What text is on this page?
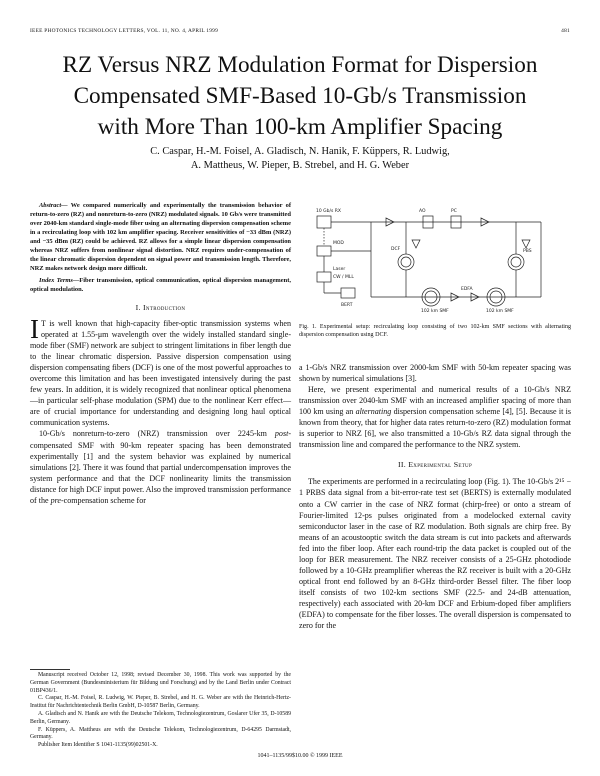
IEEE PHOTONICS TECHNOLOGY LETTERS, VOL. 11, NO. 4, APRIL 1999	481
RZ Versus NRZ Modulation Format for Dispersion
Compensated SMF-Based 10-Gb/s Transmission
with More Than 100-km Amplifier Spacing
C. Caspar, H.-M. Foisel, A. Gladisch, N. Hanik, F. Küppers, R. Ludwig,
A. Mattheus, W. Pieper, B. Strebel, and H. G. Weber

Abstract— We compared numerically and experimentally the transmission behavior of return-to-zero (RZ) and nonreturn-to-zero (NRZ) modulated signals. 10 Gb/s were transmitted over 2040-km standard single-mode fiber using an alternating dispersion compensation scheme in a recirculating loop with 102 km amplifier spacing. Receiver sensitivities of −33 dBm (NRZ) and −35 dBm (RZ) could be achieved. RZ allows for a simple linear dispersion compensation whereas NRZ suffers from nonlinear signal distortion. NRZ requires under-compensation of the linear chromatic dispersion dependent on signal power and transmission length. Therefore, NRZ makes network design more difficult.

Index Terms—Fiber transmission, optical communication, optical dispersion management, optical modulation.

I. Introduction

I T is well known that high-capacity fiber-optic transmission systems when operated at 1.55-μm wavelength over the widely installed standard single-mode fiber (SMF) network are subject to stringent limitations in fiber length due to the linear chromatic dispersion. Passive dispersion compensation using dispersion compensating fibers (DCF) is one of the most powerful approaches to overcome this limitation and has been investigated intensively during the past few years. In addition, it is widely recognized that nonlinear optical phenomena—in particular self-phase modulation (SPM) due to the nonlinear Kerr effect—are of crucial importance for understanding and designing long haul optical communication systems.

10-Gb/s nonreturn-to-zero (NRZ) transmission over 2245-km post-compensated SMF with 90-km repeater spacing has been demonstrated experimentally [1] and the system behavior was explained by numerical simulations [2]. There it was found that partial undercompensation improves the system performance and that the DCF nonlinearity limits the transmission distance for high DCF input power. Also the improved transmission performance of the pre-compensation scheme for

Manuscript received October 12, 1998; revised December 30, 1998. This work was supported by the German Government (Bundesministerium für Bildung und Forschung) and by the Land Berlin under Contract 01BP436/1.

C. Caspar, H.-M. Foisel, R. Ludwig, W. Pieper, B. Strebel, and H. G. Weber are with the Heinrich-Hertz-Institut für Nachrichtentechnik Berlin GmbH, D-10587 Berlin, Germany.

A. Gladisch and N. Hanik are with the Deutsche Telekom, Technologiezentrum, Goslarer Ufer 35, D-10589 Berlin, Germany.

F. Küppers, A. Mattheus are with the Deutsche Telekom, Technologiezentrum, D-64295 Darmstadt, Germany.

Publisher Item Identifier S 1041-1135(99)02501-X.

10 Gb/s RX	AO	PC
MOD
Laser
CW / MLL
BERT
DCF
102 km SMF	102 km SMF
EDFA
PBS
Fig. 1. Experimental setup: recirculating loop consisting of two 102-km SMF sections with alternating dispersion compensation using DCF.

a 1-Gb/s NRZ transmission over 2000-km SMF with 50-km repeater spacing was shown by numerical simulations [3].

Here, we present experimental and numerical results of a 10-Gb/s NRZ transmission over 2040-km SMF with an increased amplifier spacing of more than 100 km using an alternating dispersion compensation scheme [4], [5]. Because it is known from theory, that for higher data rates return-to-zero (RZ) modulation format is superior to NRZ [6], we also transmitted a 10-Gb/s RZ data signal through the transmission line and compared the performance to the NRZ system.

II. Experimental Setup

The experiments are performed in a recirculating loop (Fig. 1). The 10-Gb/s 2¹⁵ − 1 PRBS data signal from a bit-error-rate test set (BERTS) is externally modulated onto a CW carrier in the case of NRZ format (chirp-free) or onto a stream of Fourier-limited 12-ps pulses originated from a modelocked external cavity semiconductor laser in the case of RZ modulation. Both signals are chirp free. By means of an acoustooptic switch the data stream is cut into packets and afterwards fed into the fiber loop. After each round-trip the data packet is coupled out of the loop for BER measurement. The NRZ receiver consists of a 25-GHz photodiode followed by a 10-GHz preamplifier whereas the RZ receiver is built with a 20-GHz optical front end followed by an 8-GHz third-order Bessel filter. The fiber loop itself consists of two 102-km sections SMF (22.5- and 24-dB attenuation, respectively) each associated with 20-km DCF and Erbium-doped fiber amplifiers (EDFA) to compensate for the fiber losses. The overall dispersion is compensated to zero for the

1041–1135/99$10.00 © 1999 IEEE
